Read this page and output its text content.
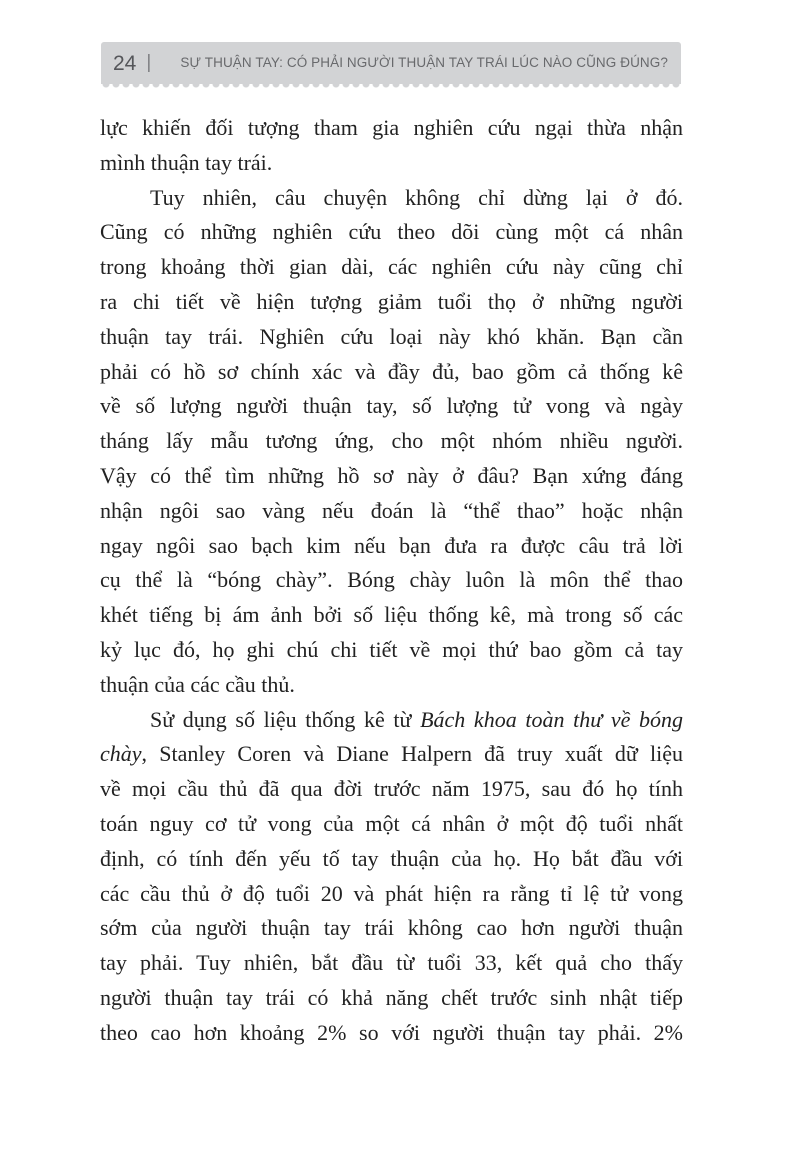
24 | SỰ THUẬN TAY: CÓ PHẢI NGƯỜI THUẬN TAY TRÁI LÚC NÀO CŨNG ĐÚNG?
lực khiến đối tượng tham gia nghiên cứu ngại thừa nhận
mình thuận tay trái.
Tuy nhiên, câu chuyện không chỉ dừng lại ở đó.
Cũng có những nghiên cứu theo dõi cùng một cá nhân
trong khoảng thời gian dài, các nghiên cứu này cũng chỉ
ra chi tiết về hiện tượng giảm tuổi thọ ở những người
thuận tay trái. Nghiên cứu loại này khó khăn. Bạn cần
phải có hồ sơ chính xác và đầy đủ, bao gồm cả thống kê
về số lượng người thuận tay, số lượng tử vong và ngày
tháng lấy mẫu tương ứng, cho một nhóm nhiều người.
Vậy có thể tìm những hồ sơ này ở đâu? Bạn xứng đáng
nhận ngôi sao vàng nếu đoán là “thể thao” hoặc nhận
ngay ngôi sao bạch kim nếu bạn đưa ra được câu trả lời
cụ thể là “bóng chày”. Bóng chày luôn là môn thể thao
khét tiếng bị ám ảnh bởi số liệu thống kê, mà trong số các
kỷ lục đó, họ ghi chú chi tiết về mọi thứ bao gồm cả tay
thuận của các cầu thủ.
Sử dụng số liệu thống kê từ Bách khoa toàn thư về bóng
chày, Stanley Coren và Diane Halpern đã truy xuất dữ liệu
về mọi cầu thủ đã qua đời trước năm 1975, sau đó họ tính
toán nguy cơ tử vong của một cá nhân ở một độ tuổi nhất
định, có tính đến yếu tố tay thuận của họ. Họ bắt đầu với
các cầu thủ ở độ tuổi 20 và phát hiện ra rằng tỉ lệ tử vong
sớm của người thuận tay trái không cao hơn người thuận
tay phải. Tuy nhiên, bắt đầu từ tuổi 33, kết quả cho thấy
người thuận tay trái có khả năng chết trước sinh nhật tiếp
theo cao hơn khoảng 2% so với người thuận tay phải. 2%
